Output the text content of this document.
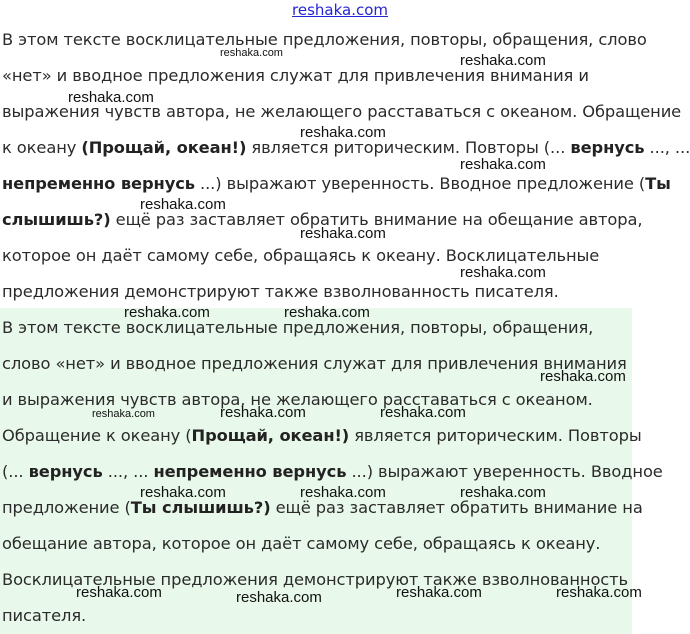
reshaka.com
В этом тексте восклицательные предложения, повторы, обращения, слово
«нет» и вводное предложения служат для привлечения внимания и
выражения чувств автора, не желающего расставаться с океаном. Обращение
к океану (Прощай, океан!) является риторическим. Повторы (... вернусь ..., ...
непременно вернусь ...) выражают уверенность. Вводное предложение (Ты
слышишь?) ещё раз заставляет обратить внимание на обещание автора,
которое он даёт самому себе, обращаясь к океану. Восклицательные
предложения демонстрируют также взволнованность писателя.
В этом тексте восклицательные предложения, повторы, обращения,
слово «нет» и вводное предложения служат для привлечения внимания
и выражения чувств автора, не желающего расставаться с океаном.
Обращение к океану (Прощай, океан!) является риторическим. Повторы
(... вернусь ..., ... непременно вернусь ...) выражают уверенность. Вводное
предложение (Ты слышишь?) ещё раз заставляет обратить внимание на
обещание автора, которое он даёт самому себе, обращаясь к океану.
Восклицательные предложения демонстрируют также взволнованность
писателя.
reshaka.com	reshaka.com
reshaka.com
reshaka.com
reshaka.com
reshaka.com
reshaka.com
reshaka.com
reshaka.com	reshaka.com
reshaka.com
reshaka.com	reshaka.com	reshaka.com
reshaka.com	reshaka.com	reshaka.com
reshaka.com	reshaka.com	reshaka.com	reshaka.com
